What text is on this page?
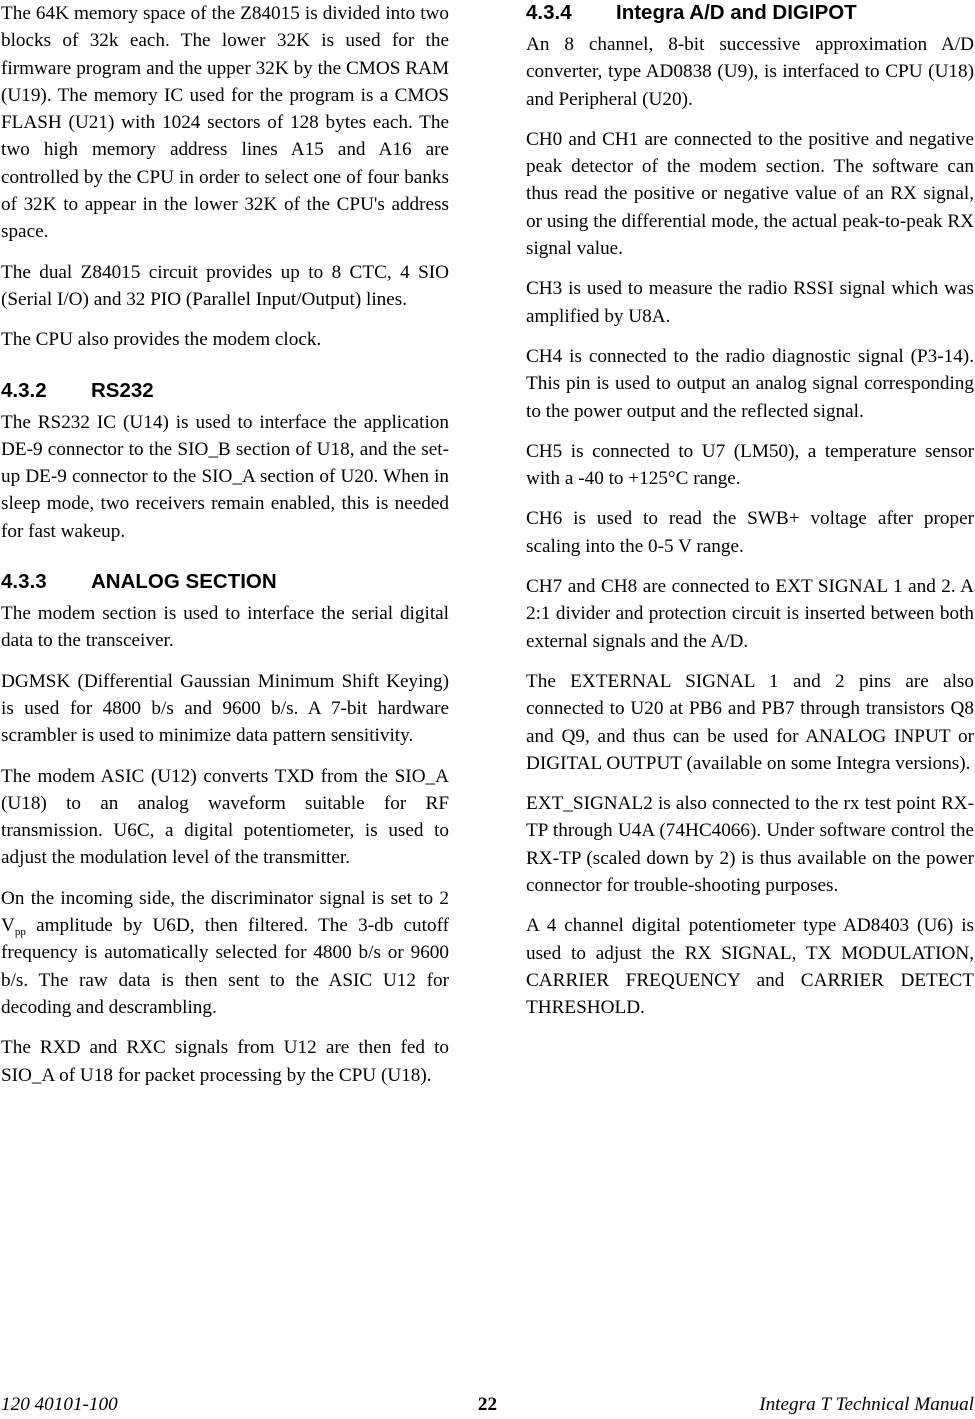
The 64K memory space of the Z84015 is divided into two blocks of 32k each. The lower 32K is used for the firmware program and the upper 32K by the CMOS RAM (U19). The memory IC used for the program is a CMOS FLASH (U21) with 1024 sectors of 128 bytes each. The two high memory address lines A15 and A16 are controlled by the CPU in order to select one of four banks of 32K to appear in the lower 32K of the CPU's address space.

The dual Z84015 circuit provides up to 8 CTC, 4 SIO (Serial I/O) and 32 PIO (Parallel Input/Output) lines.

The CPU also provides the modem clock.

4.3.2	RS232

The RS232 IC (U14) is used to interface the application DE-9 connector to the SIO_B section of U18, and the set-up DE-9 connector to the SIO_A section of U20. When in sleep mode, two receivers remain enabled, this is needed for fast wakeup.

4.3.3	ANALOG SECTION

The modem section is used to interface the serial digital data to the transceiver.

DGMSK (Differential Gaussian Minimum Shift Keying) is used for 4800 b/s and 9600 b/s. A 7-bit hardware scrambler is used to minimize data pattern sensitivity.

The modem ASIC (U12) converts TXD from the SIO_A (U18) to an analog waveform suitable for RF transmission. U6C, a digital potentiometer, is used to adjust the modulation level of the transmitter.

On the incoming side, the discriminator signal is set to 2 $V_{pp}$ amplitude by U6D, then filtered. The 3-db cutoff frequency is automatically selected for 4800 b/s or 9600 b/s. The raw data is then sent to the ASIC U12 for decoding and descrambling.

The RXD and RXC signals from U12 are then fed to SIO_A of U18 for packet processing by the CPU (U18).

4.3.4	Integra A/D and DIGIPOT

An 8 channel, 8-bit successive approximation A/D converter, type AD0838 (U9), is interfaced to CPU (U18) and Peripheral (U20).

CH0 and CH1 are connected to the positive and negative peak detector of the modem section. The software can thus read the positive or negative value of an RX signal, or using the differential mode, the actual peak-to-peak RX signal value.

CH3 is used to measure the radio RSSI signal which was amplified by U8A.

CH4 is connected to the radio diagnostic signal (P3-14). This pin is used to output an analog signal corresponding to the power output and the reflected signal.

CH5 is connected to U7 (LM50), a temperature sensor with a -40 to +125°C range.

CH6 is used to read the SWB+ voltage after proper scaling into the 0-5 V range.

CH7 and CH8 are connected to EXT SIGNAL 1 and 2. A 2:1 divider and protection circuit is inserted between both external signals and the A/D.

The EXTERNAL SIGNAL 1 and 2 pins are also connected to U20 at PB6 and PB7 through transistors Q8 and Q9, and thus can be used for ANALOG INPUT or DIGITAL OUTPUT (available on some Integra versions).

EXT_SIGNAL2 is also connected to the rx test point RX-TP through U4A (74HC4066). Under software control the RX-TP (scaled down by 2) is thus available on the power connector for trouble-shooting purposes.

A 4 channel digital potentiometer type AD8403 (U6) is used to adjust the RX SIGNAL, TX MODULATION, CARRIER FREQUENCY and CARRIER DETECT THRESHOLD.

120 40101-100	22	Integra T Technical Manual
